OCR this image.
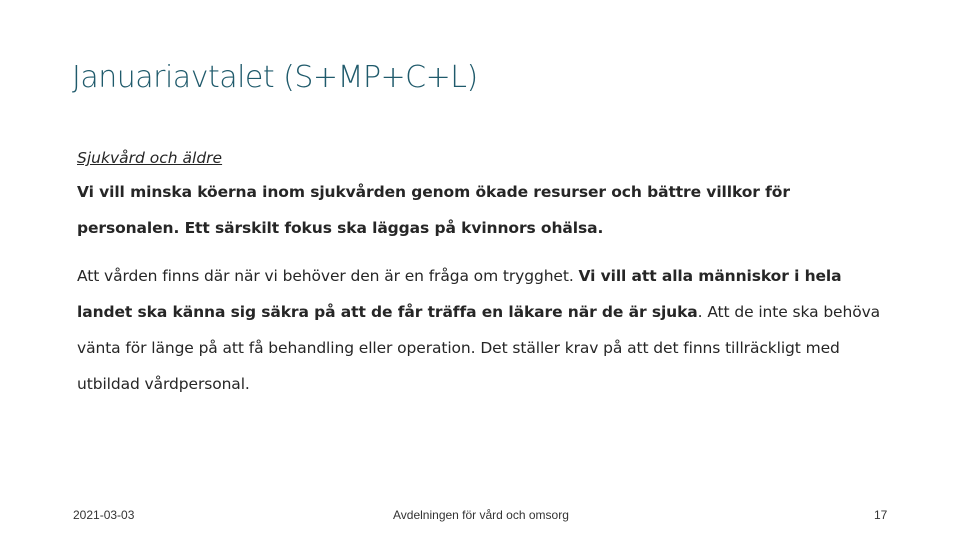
Januariavtalet (S+MP+C+L)

Sjukvård och äldre

Vi vill minska köerna inom sjukvården genom ökade resurser och bättre villkor för personalen. Ett särskilt fokus ska läggas på kvinnors ohälsa.

Att vården finns där när vi behöver den är en fråga om trygghet. Vi vill att alla människor i hela landet ska känna sig säkra på att de får träffa en läkare när de är sjuka. Att de inte ska behöva vänta för länge på att få behandling eller operation. Det ställer krav på att det finns tillräckligt med utbildad vårdpersonal.

2021-03-03	Avdelningen för vård och omsorg	17
